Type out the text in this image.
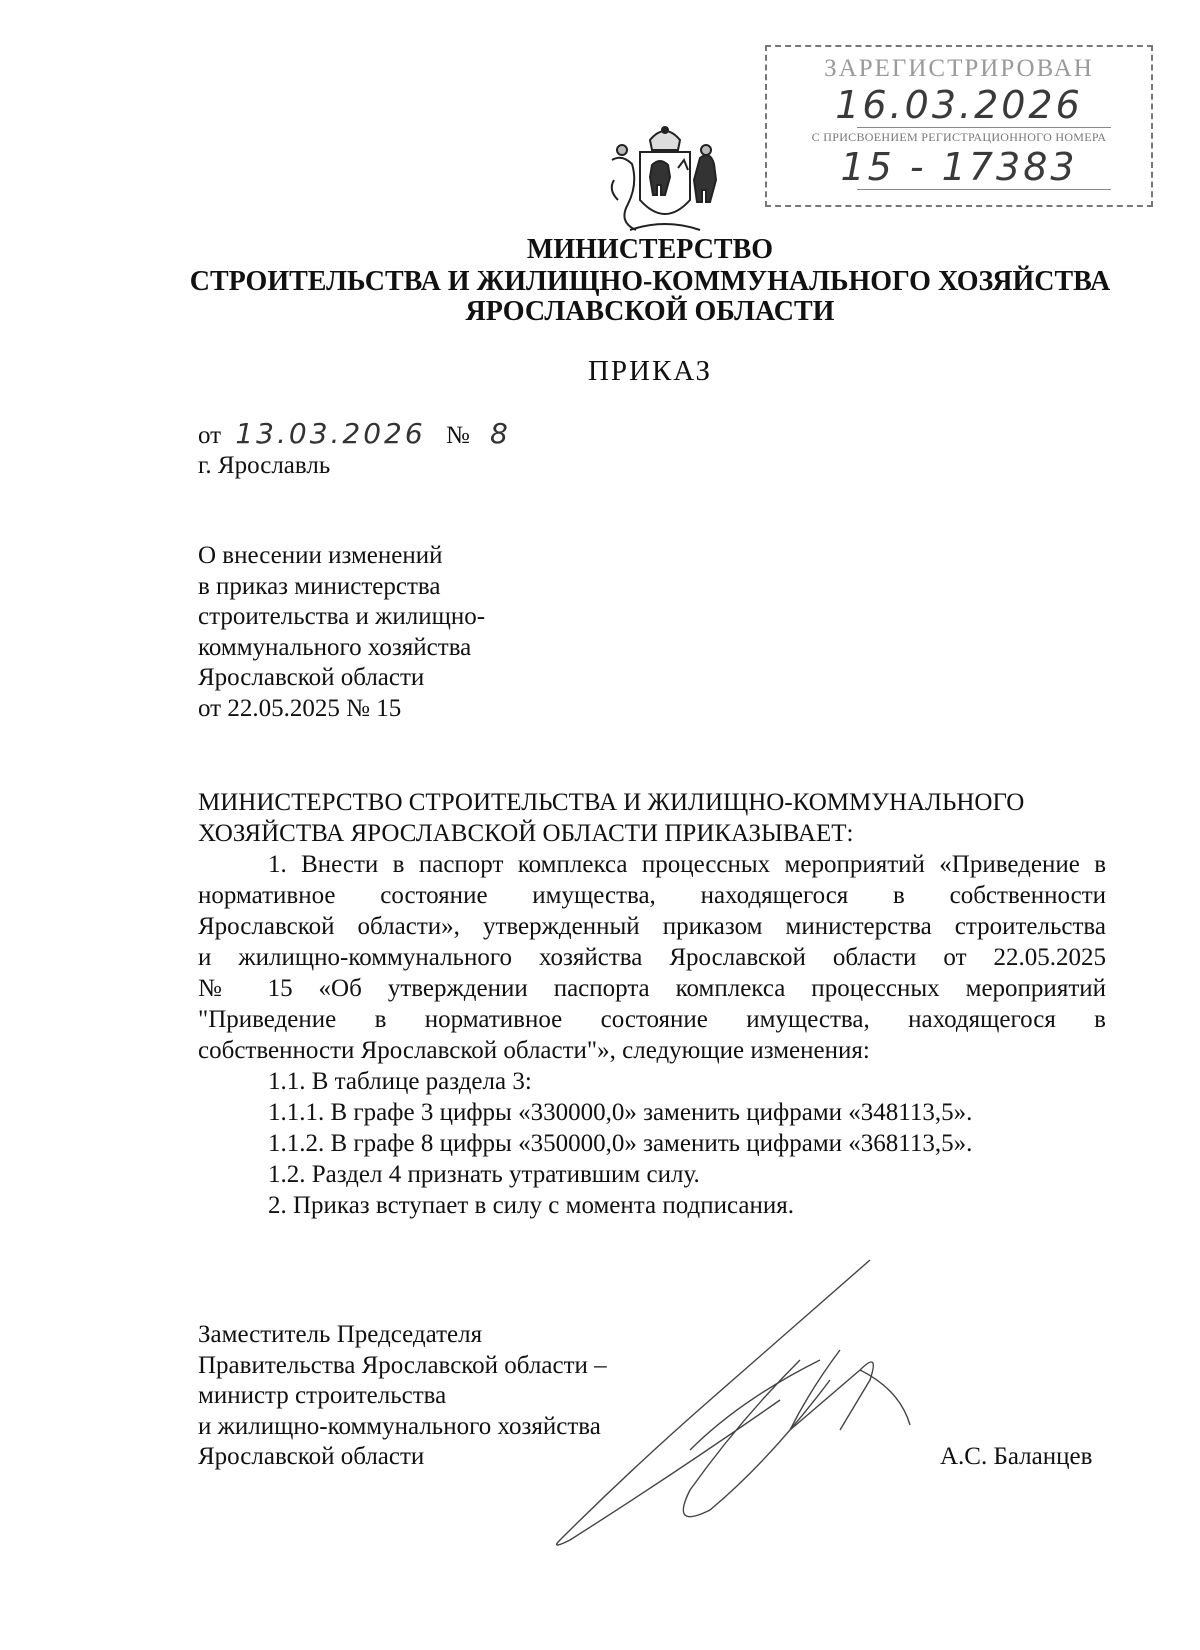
ЗАРЕГИСТРИРОВАН
16.03.2026
С ПРИСВОЕНИЕМ РЕГИСТРАЦИОННОГО НОМЕРА
15 - 17383
МИНИСТЕРСТВО
СТРОИТЕЛЬСТВА И ЖИЛИЩНО-КОММУНАЛЬНОГО ХОЗЯЙСТВА
ЯРОСЛАВСКОЙ ОБЛАСТИ
ПРИКАЗ
от 13.03.2026 № 8
г. Ярославль
О внесении изменений
в приказ министерства
строительства и жилищно-
коммунального хозяйства
Ярославской области
от 22.05.2025 № 15
МИНИСТЕРСТВО СТРОИТЕЛЬСТВА И ЖИЛИЩНО-КОММУНАЛЬНОГО
ХОЗЯЙСТВА ЯРОСЛАВСКОЙ ОБЛАСТИ ПРИКАЗЫВАЕТ:
1. Внести в паспорт комплекса процессных мероприятий «Приведение в
нормативное состояние имущества, находящегося в собственности
Ярославской области», утвержденный приказом министерства строительства
и жилищно-коммунального хозяйства Ярославской области от 22.05.2025
№ 15 «Об утверждении паспорта комплекса процессных мероприятий
"Приведение в нормативное состояние имущества, находящегося в
собственности Ярославской области"», следующие изменения:
1.1. В таблице раздела 3:
1.1.1. В графе 3 цифры «330000,0» заменить цифрами «348113,5».
1.1.2. В графе 8 цифры «350000,0» заменить цифрами «368113,5».
1.2. Раздел 4 признать утратившим силу.
2. Приказ вступает в силу с момента подписания.
Заместитель Председателя
Правительства Ярославской области –
министр строительства
и жилищно-коммунального хозяйства
Ярославской области	А.С. Баланцев
